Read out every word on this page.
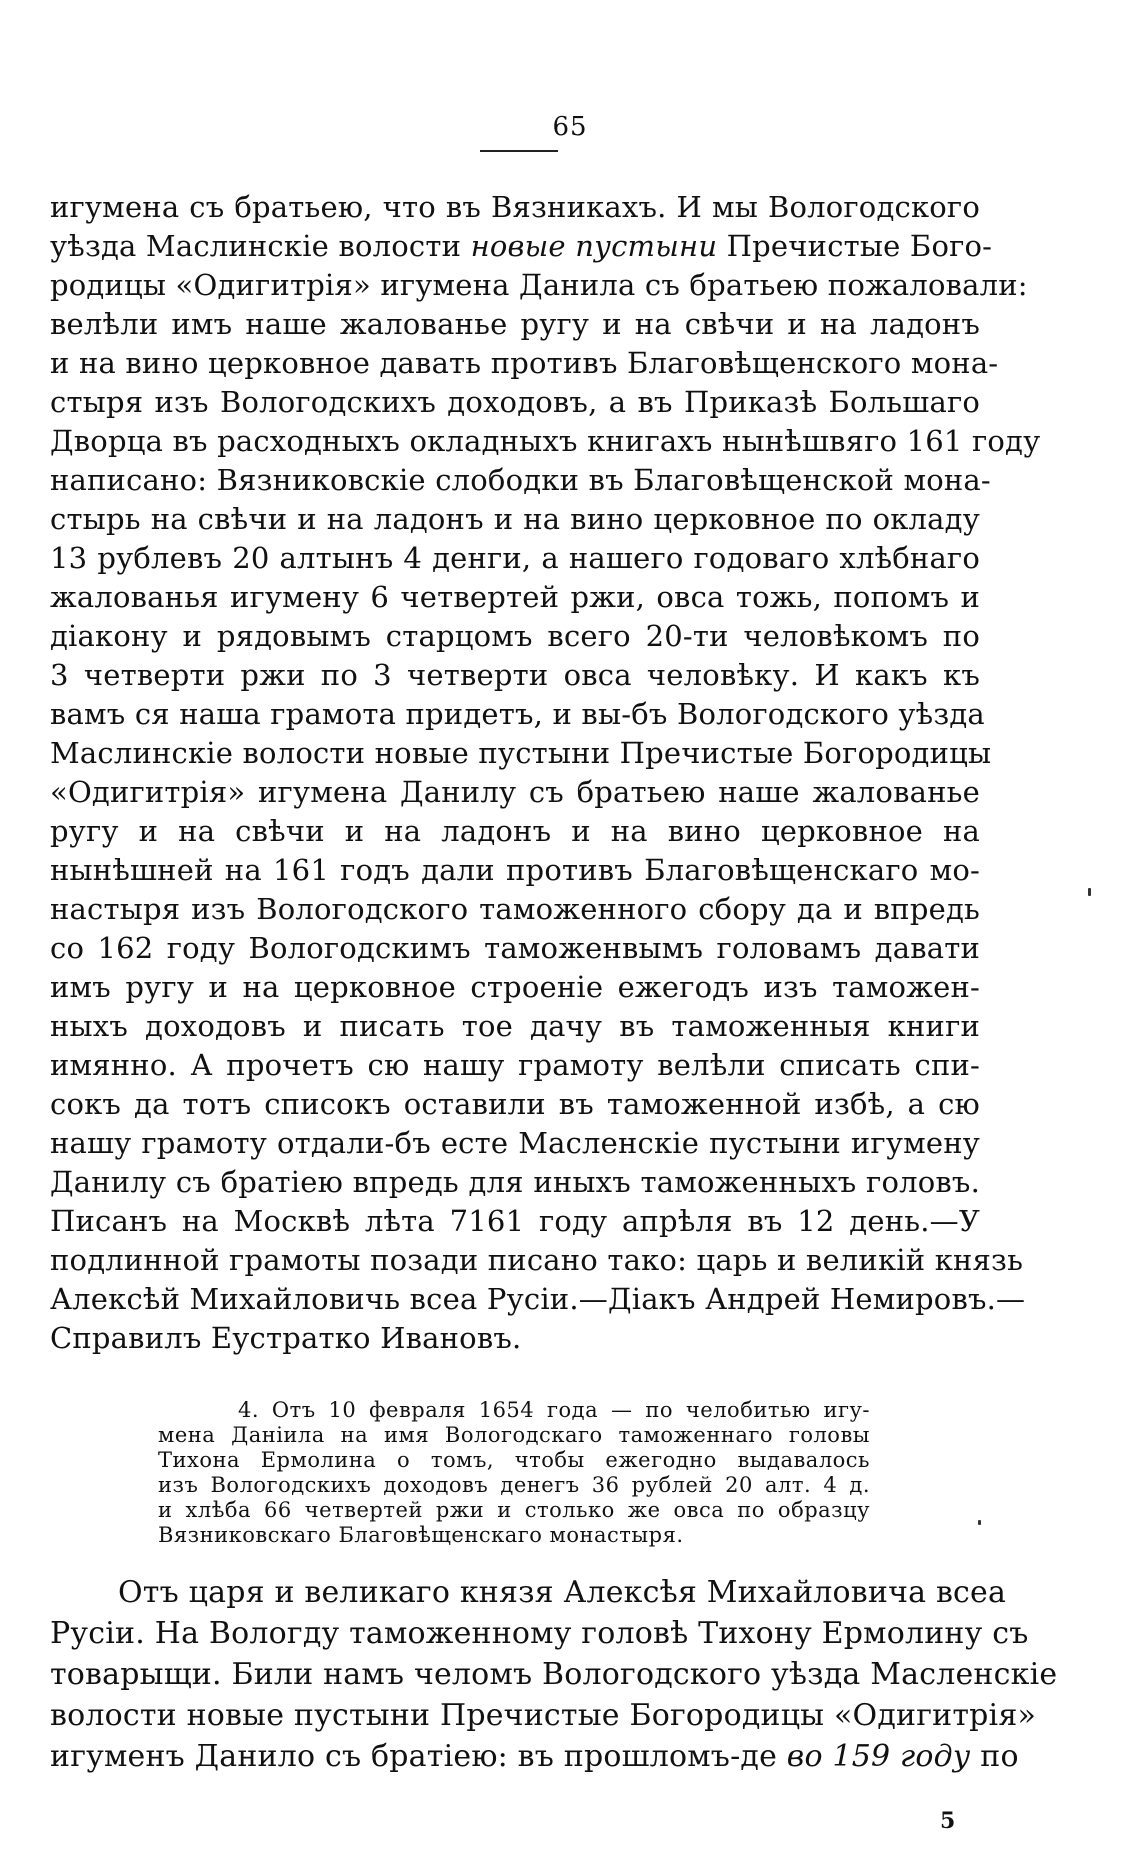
65
игумена съ братьею, что въ Вязникахъ. И мы Вологодского
уѣзда Маслинскіе волости новые пустыни Пречистые Бого-
родицы «Одигитрія» игумена Данила съ братьею пожаловали:
велѣли имъ наше жалованье ругу и на свѣчи и на ладонъ
и на вино церковное давать противъ Благовѣщенского мона-
стыря изъ Вологодскихъ доходовъ, а въ Приказѣ Большаго
Дворца въ расходныхъ окладныхъ книгахъ нынѣшвяго 161 году
написано: Вязниковскіе слободки въ Благовѣщенской мона-
стырь на свѣчи и на ладонъ и на вино церковное по окладу
13 рублевъ 20 алтынъ 4 денги, а нашего годоваго хлѣбнаго
жалованья игумену 6 четвертей ржи, овса тожь, попомъ и
діакону и рядовымъ старцомъ всего 20-ти человѣкомъ по
3 четверти ржи по 3 четверти овса человѣку. И какъ къ
вамъ ся наша грамота придетъ, и вы-бъ Вологодского уѣзда
Маслинскіе волости новые пустыни Пречистые Богородицы
«Одигитрія» игумена Данилу съ братьею наше жалованье
ругу и на свѣчи и на ладонъ и на вино церковное на
нынѣшней на 161 годъ дали противъ Благовѣщенскаго мо-
настыря изъ Вологодского таможенного сбору да и впредь
со 162 году Вологодскимъ таможенвымъ головамъ давати
имъ ругу и на церковное строеніе ежегодъ изъ таможен-
ныхъ доходовъ и писать тое дачу въ таможенныя книги
имянно. А прочетъ сю нашу грамоту велѣли списать спи-
сокъ да тотъ списокъ оставили въ таможенной избѣ, а сю
нашу грамоту отдали-бъ есте Масленскіе пустыни игумену
Данилу съ братіею впредь для иныхъ таможенныхъ головъ.
Писанъ на Москвѣ лѣта 7161 году апрѣля въ 12 день.—У
подлинной грамоты позади писано тако: царь и великій князь
Алексѣй Михайловичь всеа Русіи.—Діакъ Андрей Немировъ.—
Справилъ Еустратко Ивановъ.
4. Отъ 10 февраля 1654 года — по челобитью игу-
мена Даніила на имя Вологодскаго таможеннаго головы
Тихона Ермолина о томъ, чтобы ежегодно выдавалось
изъ Вологодскихъ доходовъ денегъ 36 рублей 20 алт. 4 д.
и хлѣба 66 четвертей ржи и столько же овса по образцу
Вязниковскаго Благовѣщенскаго монастыря.
Отъ царя и великаго князя Алексѣя Михайловича всеа
Русіи. На Вологду таможенному головѣ Тихону Ермолину съ
товарыщи. Били намъ челомъ Вологодского уѣзда Масленскіе
волости новые пустыни Пречистые Богородицы «Одигитрія»
игуменъ Данило съ братіею: въ прошломъ-де во 159 году по
5
